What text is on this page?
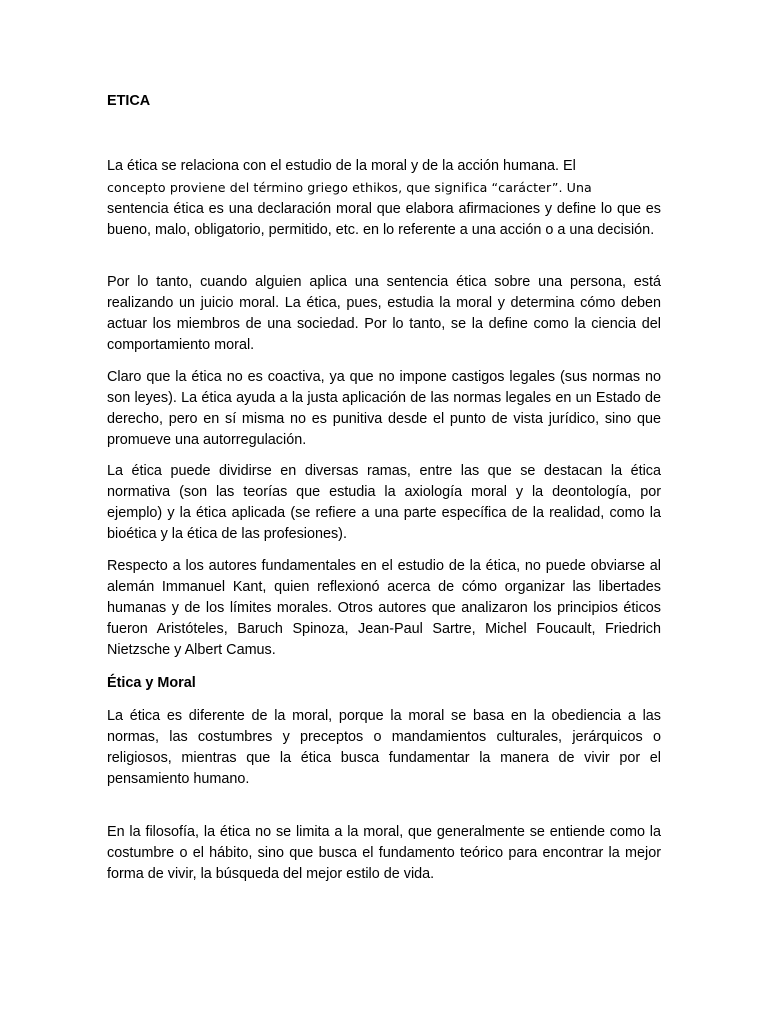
ETICA
La ética se relaciona con el estudio de la moral y de la acción humana. El
concepto proviene del término griego ethikos, que significa “carácter”. Una
sentencia ética es una declaración moral que elabora afirmaciones y define lo que es bueno, malo, obligatorio, permitido, etc. en lo referente a una acción o a una decisión.

Por lo tanto, cuando alguien aplica una sentencia ética sobre una persona, está realizando un juicio moral. La ética, pues, estudia la moral y determina cómo deben actuar los miembros de una sociedad. Por lo tanto, se la define como la ciencia del comportamiento moral.

Claro que la ética no es coactiva, ya que no impone castigos legales (sus normas no son leyes). La ética ayuda a la justa aplicación de las normas legales en un Estado de derecho, pero en sí misma no es punitiva desde el punto de vista jurídico, sino que promueve una autorregulación.

La ética puede dividirse en diversas ramas, entre las que se destacan la ética normativa (son las teorías que estudia la axiología moral y la deontología, por ejemplo) y la ética aplicada (se refiere a una parte específica de la realidad, como la bioética y la ética de las profesiones).

Respecto a los autores fundamentales en el estudio de la ética, no puede obviarse al alemán Immanuel Kant, quien reflexionó acerca de cómo organizar las libertades humanas y de los límites morales. Otros autores que analizaron los principios éticos fueron Aristóteles, Baruch Spinoza, Jean-Paul Sartre, Michel Foucault, Friedrich Nietzsche y Albert Camus.

Ética y Moral

La ética es diferente de la moral, porque la moral se basa en la obediencia a las normas, las costumbres y preceptos o mandamientos culturales, jerárquicos o religiosos, mientras que la ética busca fundamentar la manera de vivir por el pensamiento humano.

En la filosofía, la ética no se limita a la moral, que generalmente se entiende como la costumbre o el hábito, sino que busca el fundamento teórico para encontrar la mejor forma de vivir, la búsqueda del mejor estilo de vida.
